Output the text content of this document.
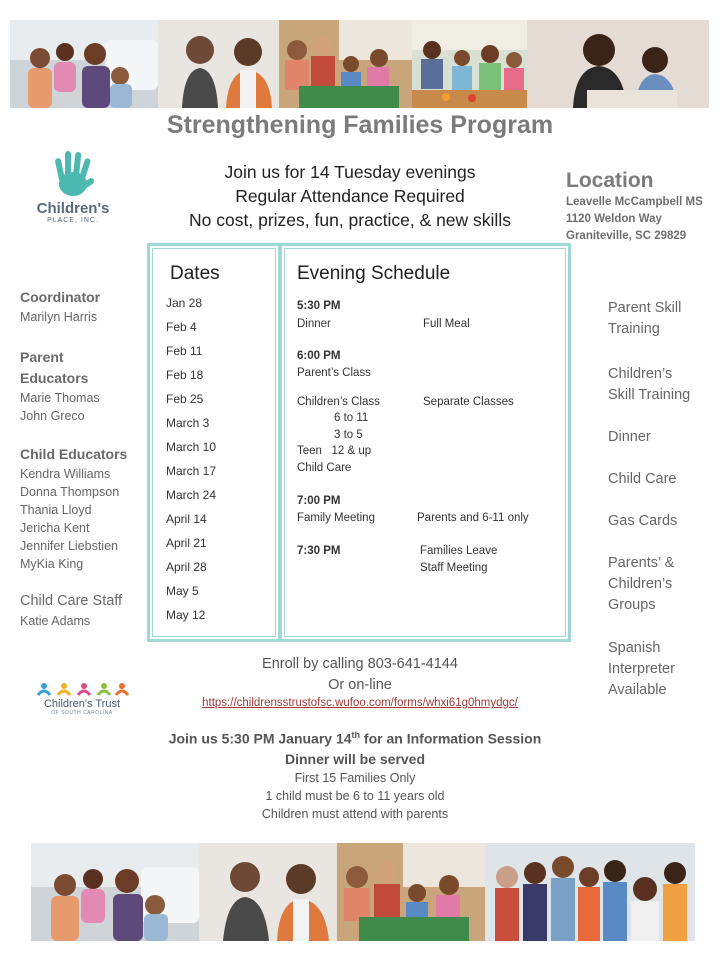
Strengthening Families Program
Children's
PLACE, INC.
Join us for 14 Tuesday evenings
Regular Attendance Required
No cost, prizes, fun, practice, & new skills
Location
Leavelle McCampbell MS
1120 Weldon Way
Graniteville, SC 29829
Coordinator
Marilyn Harris
Parent
Educators
Marie Thomas
John Greco
Child Educators
Kendra Williams
Donna Thompson
Thania Lloyd
Jericha Kent
Jennifer Liebstien
MyKia King
Child Care Staff
Katie Adams
Dates
Jan 28
Feb 4
Feb 11
Feb 18
Feb 25
March 3
March 10
March 17
March 24
April 14
April 21
April 28
May 5
May 12
Evening Schedule
5:30 PM
Dinner	Full Meal
6:00 PM
Parent’s Class
Children’s Class	Separate Classes
6 to 11
3 to 5
Teen   12 & up
Child Care
7:00 PM
Family Meeting	Parents and 6-11 only
7:30 PM	Families Leave
Staff Meeting
Parent Skill
Training
Children’s
Skill Training
Dinner
Child Care
Gas Cards
Parents’ &
Children’s
Groups
Spanish
Interpreter
Available
Enroll by calling 803-641-4144
Or on-line
https://childrensstrustofsc.wufoo.com/forms/whxi61g0hmydgc/
Children's Trust
OF SOUTH CAROLINA
Join us 5:30 PM January 14th for an Information Session
Dinner will be served
First 15 Families Only
1 child must be 6 to 11 years old
Children must attend with parents
